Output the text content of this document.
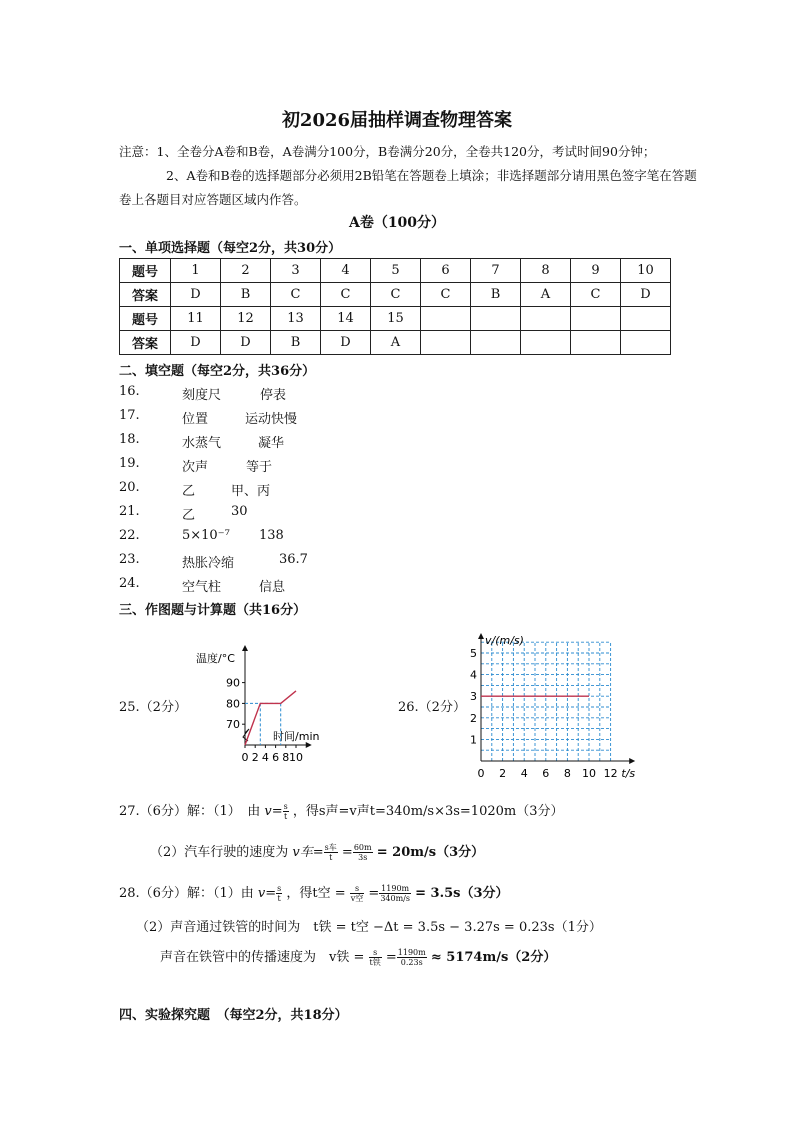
初2026届抽样调查物理答案
注意：1、全卷分A卷和B卷，A卷满分100分，B卷满分20分，全卷共120分，考试时间90分钟；
2、A卷和B卷的选择题部分必须用2B铅笔在答题卷上填涂；非选择题部分请用黑色签字笔在答题
卷上各题目对应答题区域内作答。
A卷（100分）
一、单项选择题（每空2分，共30分）
题号	1	2	3	4	5	6	7	8	9	10
答案	D	B	C	C	C	C	B	A	C	D
题号	11	12	13	14	15					
答案	D	D	B	D	A					
二、填空题（每空2分，共36分）
16.	刻度尺	停表
17.	位置	运动快慢
18.	水蒸气	凝华
19.	次声	等于
20.	乙	甲、丙
21.	乙	30
22.	5×10⁻⁷ 138
23.	热胀冷缩	36.7
24.	空气柱	信息
三、作图题与计算题（共16分）
25.（2分）	26.（2分）
温度/°C
时间/min
70
80
90
0 2 4 6 8 10
v/(m/s)
t/s
1
2
3
4
5
0 2 4 6 8 10 12
27.（6分）解：（1）　由 $v= \frac{s}{t}$ ，得s声=v声t=340m/s×3s=1020m（3分）
（2）汽车行驶的速度为 v车= $\frac{\text{s车}}{t} = \frac{60m}{3s} = 20m/s(3$分）
28.（6分）解：（1）由 $v= \frac{s}{t}$ ，得t空 = $\frac{s}{\text{v空}} = \frac{1190m}{340m/s} = 3.5s(3$分）
（2）声音通过铁管的时间为　t铁 = t空 −Δt = 3.5s − 3.27s = 0.23s（1分）
声音在铁管中的传播速度为　v铁 = $\frac{s}{\text{t铁}} = \frac{1190m}{0.23s} \approx 5174m/s(2$分）
四、实验探究题　（每空2分，共18分）
